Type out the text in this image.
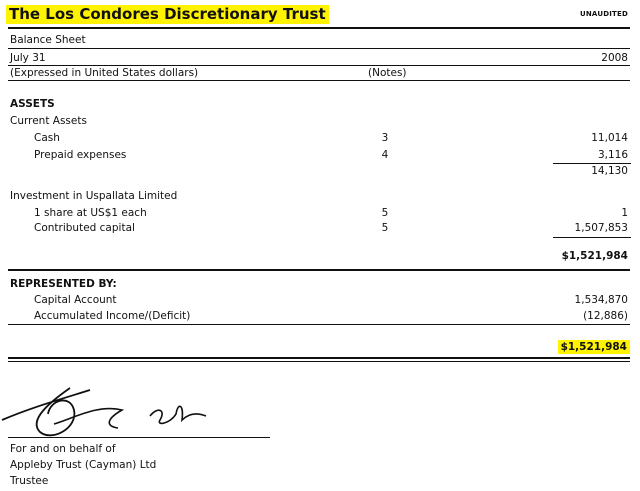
The Los Condores Discretionary Trust	UNAUDITED
Balance Sheet
July 31	2008
(Expressed in United States dollars)	(Notes)
ASSETS
Current Assets
Cash	3	11,014
Prepaid expenses	4	3,116
14,130
Investment in Uspallata Limited
1 share at US$1 each	5	1
Contributed capital	5	1,507,853
$1,521,984
REPRESENTED BY:
Capital Account	1,534,870
Accumulated Income/(Deficit)	(12,886)
$1,521,984
For and on behalf of
Appleby Trust (Cayman) Ltd
Trustee
